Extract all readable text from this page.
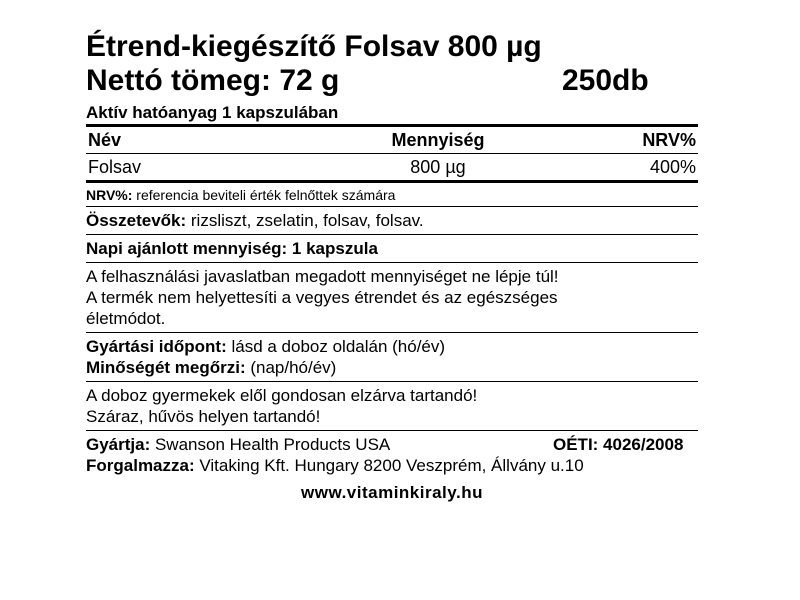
Étrend-kiegészítő Folsav 800 µg
Nettó tömeg: 72 g	250db
Aktív hatóanyag 1 kapszulában
Név	Mennyiség	NRV%
Folsav	800 µg	400%
NRV%: referencia beviteli érték felnőttek számára
Összetevők: rizsliszt, zselatin, folsav, folsav.
Napi ajánlott mennyiség: 1 kapszula
A felhasználási javaslatban megadott mennyiséget ne lépje túl!
A termék nem helyettesíti a vegyes étrendet és az egészséges
életmódot.
Gyártási időpont: lásd a doboz oldalán (hó/év)
Minőségét megőrzi: (nap/hó/év)
A doboz gyermekek elől gondosan elzárva tartandó!
Száraz, hűvös helyen tartandó!
Gyártja: Swanson Health Products USA	OÉTI: 4026/2008
Forgalmazza: Vitaking Kft. Hungary 8200 Veszprém, Állvány u.10
www.vitaminkiraly.hu
